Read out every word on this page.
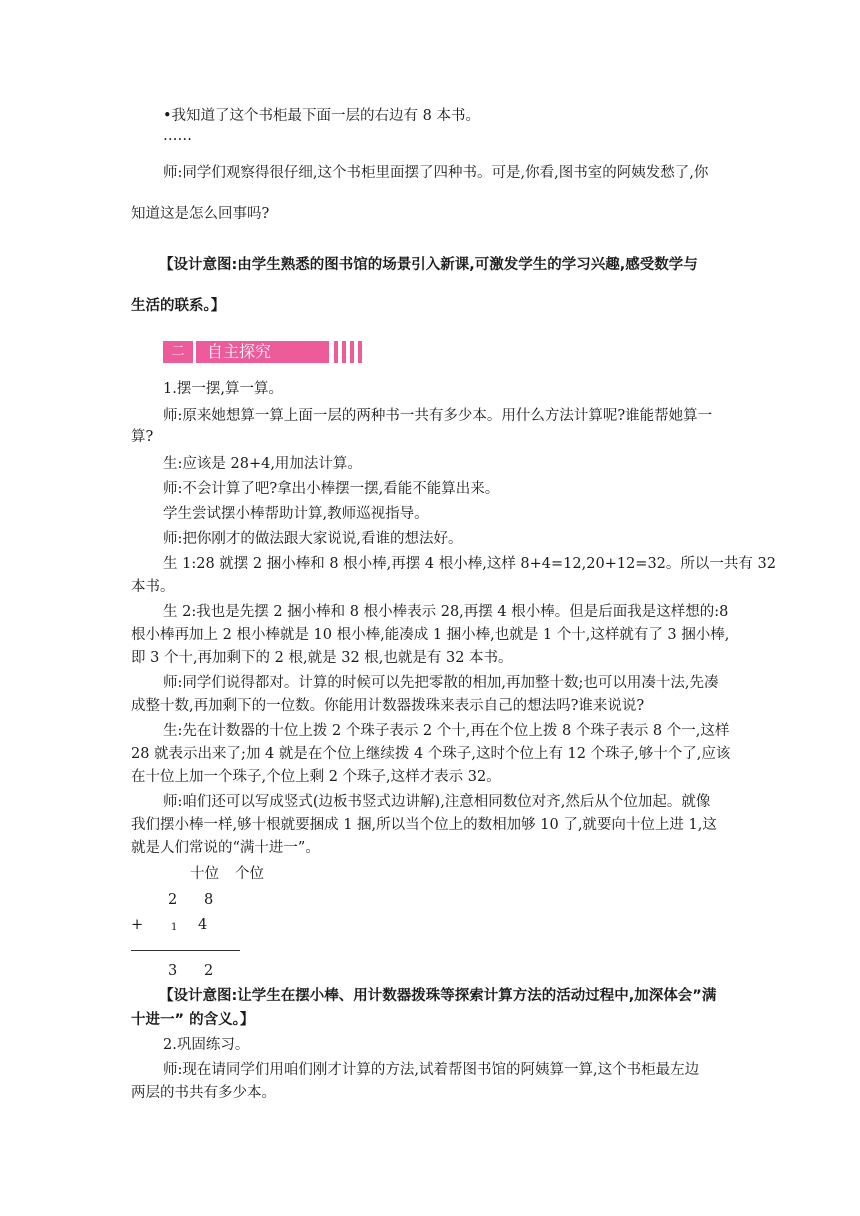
•我知道了这个书柜最下面一层的右边有 8 本书。
……
师:同学们观察得很仔细,这个书柜里面摆了四种书。可是,你看,图书室的阿姨发愁了,你
知道这是怎么回事吗?
【设计意图:由学生熟悉的图书馆的场景引入新课,可激发学生的学习兴趣,感受数学与
生活的联系。】
二 自主探究
1.摆一摆,算一算。
师:原来她想算一算上面一层的两种书一共有多少本。用什么方法计算呢?谁能帮她算一
算?
生:应该是 28+4,用加法计算。
师:不会计算了吧?拿出小棒摆一摆,看能不能算出来。
学生尝试摆小棒帮助计算,教师巡视指导。
师:把你刚才的做法跟大家说说,看谁的想法好。
生 1:28 就摆 2 捆小棒和 8 根小棒,再摆 4 根小棒,这样 8+4=12,20+12=32。所以一共有 32
本书。
生 2:我也是先摆 2 捆小棒和 8 根小棒表示 28,再摆 4 根小棒。但是后面我是这样想的:8
根小棒再加上 2 根小棒就是 10 根小棒,能凑成 1 捆小棒,也就是 1 个十,这样就有了 3 捆小棒,
即 3 个十,再加剩下的 2 根,就是 32 根,也就是有 32 本书。
师:同学们说得都对。计算的时候可以先把零散的相加,再加整十数;也可以用凑十法,先凑
成整十数,再加剩下的一位数。你能用计数器拨珠来表示自己的想法吗?谁来说说?
生:先在计数器的十位上拨 2 个珠子表示 2 个十,再在个位上拨 8 个珠子表示 8 个一,这样
28 就表示出来了;加 4 就是在个位上继续拨 4 个珠子,这时个位上有 12 个珠子,够十个了,应该
在十位上加一个珠子,个位上剩 2 个珠子,这样才表示 32。
师:咱们还可以写成竖式(边板书竖式边讲解),注意相同数位对齐,然后从个位加起。就像
我们摆小棒一样,够十根就要捆成 1 捆,所以当个位上的数相加够 10 了,就要向十位上进 1,这
就是人们常说的“满十进一”。
十位 个位
2 8
+	1 4
3 2
【设计意图:让学生在摆小棒、用计数器拨珠等探索计算方法的活动过程中,加深体会”满
十进一” 的含义。】
2.巩固练习。
师:现在请同学们用咱们刚才计算的方法,试着帮图书馆的阿姨算一算,这个书柜最左边
两层的书共有多少本。
